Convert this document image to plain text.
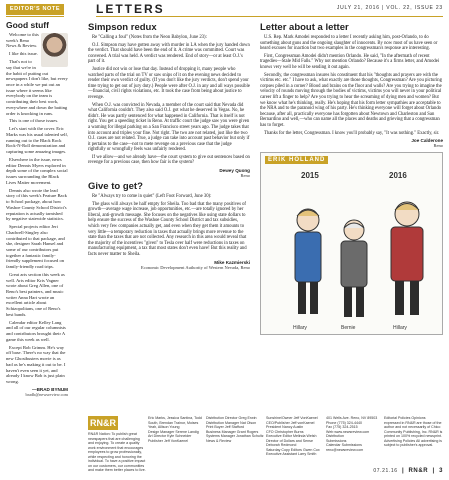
EDITOR'S NOTE	LETTERS	JULY 21, 2016 | VOL. 22, ISSUE 23
Good stuff

Welcome to this week's Reno News & Review.

I like this issue.

That's not to say that we're in the habit of putting out newspapers I don't like, but every once in a while we put out an issue where it seems like everybody on the team is contributing their best work, everywhere and down the batting order is knocking in runs.

This is one of those issues.

Let's start with the cover. Eric Marks was his usual talented self, running out to the Black Rock Rock-N-Roll demonstration and capturing some amazing images.

Elsewhere in the issue, news editor Dennis Myers explored in depth some of the complex social issues surrounding the Black Lives Matter movement.

Dennis also wrote the lead story of this week's Feature Back to School package, about how Washoe County School District's reputation is actually tarnished by negative statewide statistics.

Special projects editor Jeri Chadwell-Singley also contributed to that package, and she, designer Sarah Hansel and some of our contributors put together a fantastic family-friendly supplement focused on family-friendly road trips.

Great arts section this week as well. Arts editor Kris Vagner wrote about Greg Allen, one of Reno's best painters, and music writer Anna Hart wrote an excellent article about Schizopolitans, one of Reno's best bands.

Calendar editor Kelley Lang and all of our regular columnists and contributors brought their A game this week as well.

Except Bob Grimm. He's way off base. There's no way that the new Ghostbusters movie is as bad as he's making it out to be. I haven't even seen it yet, and already I know Bob is just plain wrong.

—BRAD BYNUM
bradb@newsreview.com
Simpson redux

Re "Calling a foul" (Notes from the Neon Babylon, June 23):

O.J. Simpson may have gotten away with murder in LA when the jury handed down the verdict. That should have been the end of it. A crime was committed. Court was convened. A trial was held. A verdict was rendered. End of story—or at least O.J.'s part of it.

Justice did not win or lose that day. Instead of dropping it, many people who watched parts of the trial on TV or saw snips of it on the evening news decided to render their own verdict of guilty. (If you don't like the jury verdicts, don't spend your time trying to get out of jury duty.) People were after O.J. in any and all ways possible—financial, civil rights violations, etc. It took the case from being about justice to revenge.

When O.J. was convicted in Nevada, a member of the court said that Nevada did what California couldn't. They also said O.J. got what he deserved in Vegas. No, he didn't. He was partly sentenced for what happened in California. That is itself is not right. You get a speeding ticket in Reno. At traffic court the judge saw you were given a warning for illegal parking on a San Francisco street years ago. The judge takes that into account and triples your fine. Not right. The two are not related, just like the two O.J. cases are not related. True, a judge can take into account past behavior but only if it pertains to the case—not to mete revenge on a previous case that the judge rightfully or wrongfully feels was unfairly rendered.

If we allow—and we already have—the court system to give out sentences based on revenge for a previous case, then how fair is the system?

Dewey Quong
Reno
Give to get?

Re "Always try to come in quiet" (Left Foot Forward, June 30):

The glass will always be half empty for Sheila. Too bad that the many positives of growth—average wage increase, job opportunities, etc.—are totally ignored by her liberal, anti-growth message. She focuses on the negatives like using state dollars to help ensure the success of the Washoe County School District and tax subsidies, which very few companies actually get, and even when they get them it amounts to very little—a temporary reduction in taxes that actually brings more revenue to the state than the taxes that are not collected. Any research in this area would reveal that the majority of the incentives "given" to Tesla over half were reductions in taxes on manufacturing equipment, a tax that most states don't even have! But this reality and facts never matter to Sheila.

Mike Kazmierski
Economic Development Authority of Western Nevada, Reno
Letter about a letter

U.S. Rep. Mark Amodei responded to a letter I recently asking him, post-Orlando, to do something about guns and the ongoing slaughter of innocents. By now most of us have seen or heard excuses for inaction but two examples in the congressman's response are interesting.

First, Congressman Amodei didn't mention Orlando. He said, "In the aftermath of recent tragedies—Stale Mid Falls." Why not mention Orlando? Because it's a firms letter, and Amodei knows very well he will be sending it out again.

Secondly, the congressman insures his constituent that his "thoughts and prayers are with the victims etc. etc." I have to ask, what exactly are those thoughts, Congressman? Are you picturing corpses piled in a corner? Blood and brains on the floor and walls? Are you trying to imagine the velocity of rounds moving through the bodies of victims, victims you will never in your political career lift a finger to help? Are you trying to hear the screaming of dying men and women? But we know what he's thinking, really. He's hoping that his form letter sympathies are acceptable to the NRA and to the paranoid wing of his party. He's thinking everyone will forget about Orlando because, after all, practically everyone has forgotten about Newtown and Charleston and San Bernardino and well,—who can name all the places and deaths and grieving that a congressman has to forget.

Thanks for the letter, Congressman. I know you'll probably say, "It was nothing." Exactly, sir.

Joe Calderone
Reno
ERIK HOLLAND
2015	2016
Hillary	Bernie	Hillary
RN&R
RN&R Nation: To publish great newspapers that are challenging and enjoying. To create a quality work environment that encourages employees to grow professionally, while respecting and honoring the individual. To have a positive impact on our customers, our communities and make them better places to live.
Eric Marks, Jessica Santina, Todd South, Brendan Trainor, Moises Yeah, Allison Young
Design Manager Serene Landig
Art Director Kyle Schneider
Publisher Jeff VonKaenel
Distribution Director Greg Erwin
Distribution Manager Nat Olson
Print Buyer Jeff Stafford
Business Manager Grant Rogers
Systems Manager Jonathan Schultz
News & Review
Sunshine/Owner Jeff VonKaenel
CEO/Publisher Jeff vonKaenel
President Nancy Austin
CFO Christopher Burns
Executive Editor Melinda Welsh
Director of Dollars and Sense Deborah Redmond
Saturday Copy Editors Gwen Cox
Executive Assistant Larry Smith
401 Wells Ave. Reno, NV 89503
Phone (775) 324-4440
Fax (775) 324-2515
Web www.newsreview.com
Distribution
Submissions
Calendar Submissions
reno@newsreview.com
Editorial Policies Opinions expressed in RN&R are those of the author and not necessarily of Chico Community Publishing, Inc. RN&R is printed on 100% recycled newsprint. Advertising Policies All advertising is subject to publisher's approval.
07.21.16  |  RN&R  |  3
